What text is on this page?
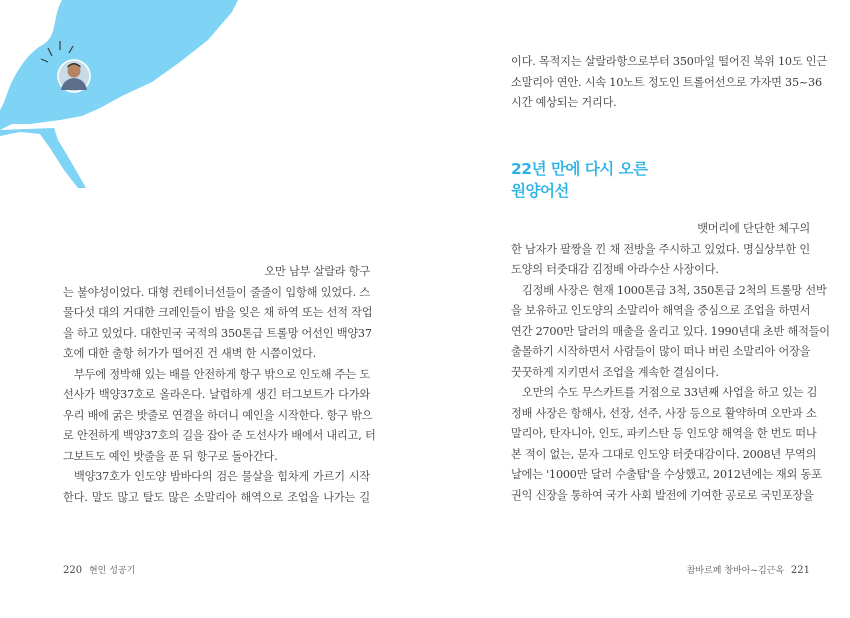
오만 남부 살랄라 항구
는 불야성이었다. 대형 컨테이너선들이 줄줄이 입항해 있었다. 스
물다섯 대의 거대한 크레인들이 밤을 잊은 채 하역 또는 선적 작업
을 하고 있었다. 대한민국 국적의 350톤급 트롤망 어선인 백양37
호에 대한 출항 허가가 떨어진 건 새벽 한 시쯤이었다.
부두에 정박해 있는 배를 안전하게 항구 밖으로 인도해 주는 도
선사가 백양37호로 올라온다. 날렵하게 생긴 터그보트가 다가와
우리 배에 굵은 밧줄로 연결을 하더니 예인을 시작한다. 항구 밖으
로 안전하게 백양37호의 길을 잡아 준 도선사가 배에서 내리고, 터
그보트도 예인 밧줄을 푼 뒤 항구로 돌아간다.
백양37호가 인도양 밤바다의 검은 물살을 힘차게 가르기 시작
한다. 말도 많고 탈도 많은 소말리아 해역으로 조업을 나가는 길
220 현인 성공기
이다. 목적지는 살랄라항으로부터 350마일 떨어진 북위 10도 인근
소말리아 연안. 시속 10노트 정도인 트롤어선으로 가자면 35~36
시간 예상되는 거리다.
22년 만에 다시 오른
원양어선
뱃머리에 단단한 체구의
한 남자가 팔짱을 낀 채 전방을 주시하고 있었다. 명실상부한 인
도양의 터줏대감 김정배 아라수산 사장이다.
김정배 사장은 현재 1000톤급 3척, 350톤급 2척의 트롤망 선박
을 보유하고 인도양의 소말리아 해역을 중심으로 조업을 하면서
연간 2700만 달러의 매출을 올리고 있다. 1990년대 초반 해적들이
출몰하기 시작하면서 사람들이 많이 떠나 버린 소말리아 어장을
꿋꿋하게 지키면서 조업을 계속한 결심이다.
오만의 수도 무스카트를 거점으로 33년째 사업을 하고 있는 김
정배 사장은 항해사, 선장, 선주, 사장 등으로 활약하며 오만과 소
말리아, 탄자니아, 인도, 파키스탄 등 인도양 해역을 한 번도 떠나
본 적이 없는, 문자 그대로 인도양 터줏대감이다. 2008년 무역의
날에는 '1000만 달러 수출탑'을 수상했고, 2012년에는 재외 동포
권익 신장을 통하여 국가 사회 발전에 기여한 공로로 국민포장을
참바르페 창바아~김근옥 221
